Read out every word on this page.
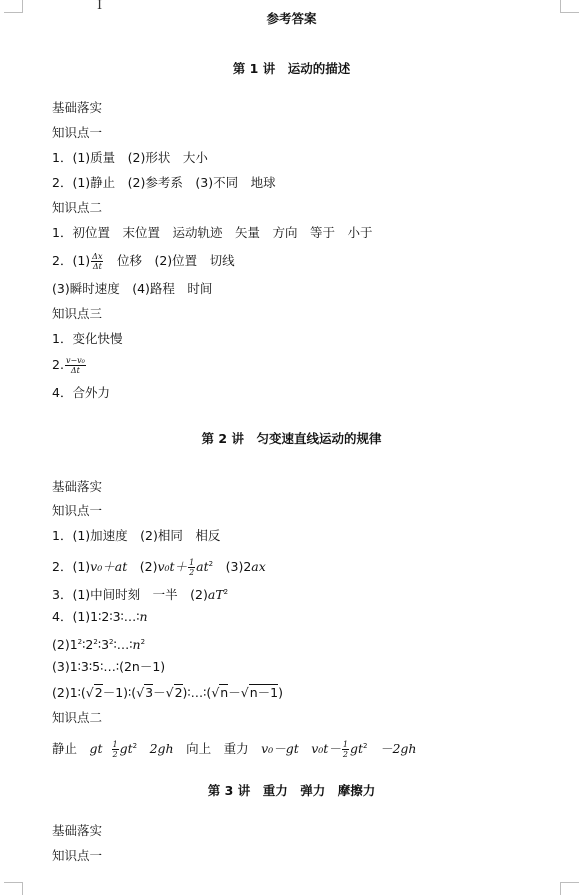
I
参考答案
第 1 讲　运动的描述
基础落实
知识点一
1．(1)质量　(2)形状　大小
2．(1)静止　(2)参考系　(3)不同　地球
知识点二
1．初位置　末位置　运动轨迹　矢量　方向　等于　小于
2．$(1) \frac{\Delta x}{\Delta t}$ 　位移　(2)位置　切线
(3)瞬时速度　(4)路程　时间
知识点三
1．变化快慢
2. $\frac{\text{v−v₀}}{\Delta t}$
4．合外力
第 2 讲　匀变速直线运动的规律
基础落实
知识点一
1．(1)加速度　(2)相同　相反
2．(1)v₀＋at　$(2)v_0t+ \frac{1}{2} at^2$　(3)2ax
3．(1)中间时刻　一半　$(2)aT^2$
4．(1)1∶2∶3∶…∶n
$(2)1^2∶2^2∶3^2∶\dots∶n^2$
(3)1∶3∶5∶…∶(2n－1)
(2)1∶(√2－1)∶(√3－√2)∶…∶(√n－√n－1)
知识点二
静止　gt $\frac{1}{2} gt^2$　2gh　向上　重力　v₀－gt　$v_0t- \frac{1}{2} gt^2$　－2gh
第 3 讲　重力　弹力　摩擦力
基础落实
知识点一
